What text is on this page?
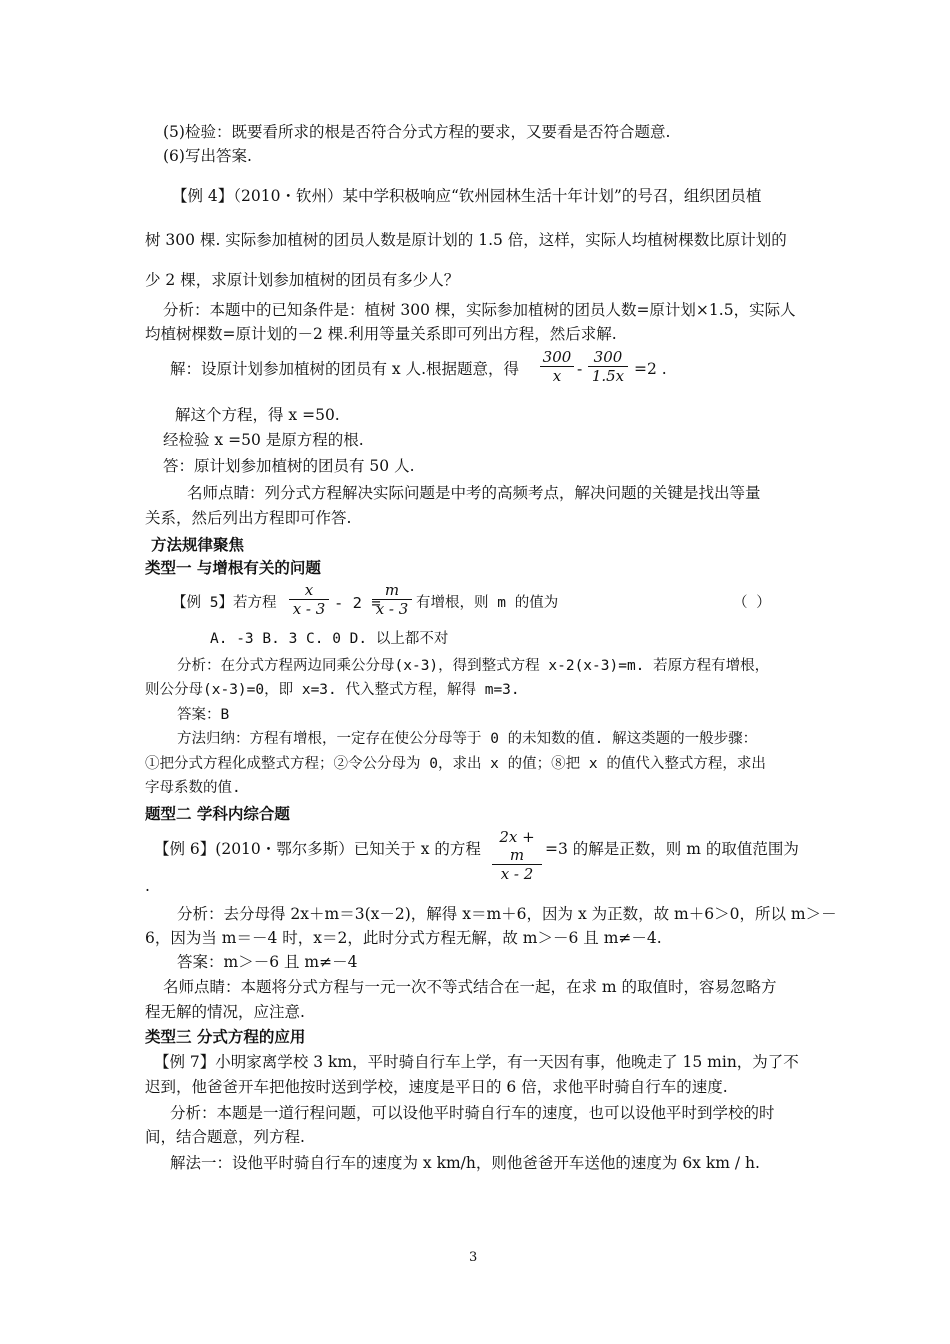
(5)检验：既要看所求的根是否符合分式方程的要求，又要看是否符合题意.
(6)写出答案.
【例 4】（2010・钦州）某中学积极响应“钦州园林生活十年计划”的号召，组织团员植
树 300 棵. 实际参加植树的团员人数是原计划的 1.5 倍，这样，实际人均植树棵数比原计划的
少 2 棵，求原计划参加植树的团员有多少人？
分析：本题中的已知条件是：植树 300 棵，实际参加植树的团员人数=原计划×1.5，实际人
均植树棵数=原计划的－2 棵.利用等量关系即可列出方程，然后求解.
解：设原计划参加植树的团员有 x 人.根据题意，得
300
x	-
300
1.5x =2 .
解这个方程，得 x =50.
经检验 x =50 是原方程的根.
答：原计划参加植树的团员有 50 人.
名师点睛：列分式方程解决实际问题是中考的高频考点，解决问题的关键是找出等量
关系，然后列出方程即可作答.
方法规律聚焦
类型一 与增根有关的问题
【例 5】若方程
x
x - 3 - 2 =
m
x - 3 有增根，则 m 的值为	（ ）
A. -3 B. 3 C. 0 D. 以上都不对
分析：在分式方程两边同乘公分母(x-3)，得到整式方程 x-2(x-3)=m. 若原方程有增根，
则公分母(x-3)=0，即 x=3. 代入整式方程，解得 m=3.
答案：B
方法归纳：方程有增根，一定存在使公分母等于 0 的未知数的值. 解这类题的一般步骤：
①把分式方程化成整式方程；②令公分母为 0，求出 x 的值；⑧把 x 的值代入整式方程，求出
字母系数的值.
题型二 学科内综合题
【例 6】(2010・鄂尔多斯）已知关于 x 的方程
2x + m
x - 2
=3 的解是正数，则 m 的取值范围为
.
分析：去分母得 2x＋m＝3(x－2)，解得 x＝m＋6，因为 x 为正数，故 m＋6＞0，所以 m＞－
6，因为当 m＝－4 时，x＝2，此时分式方程无解，故 m＞－6 且 m≠－4.
答案：m＞－6 且 m≠－4
名师点睛：本题将分式方程与一元一次不等式结合在一起，在求 m 的取值时，容易忽略方
程无解的情况，应注意.
类型三 分式方程的应用
【例 7】小明家离学校 3 km，平时骑自行车上学，有一天因有事，他晚走了 15 min，为了不
迟到，他爸爸开车把他按时送到学校，速度是平日的 6 倍，求他平时骑自行车的速度.
分析：本题是一道行程问题，可以设他平时骑自行车的速度，也可以设他平时到学校的时
间，结合题意，列方程.
解法一：设他平时骑自行车的速度为 x km/h，则他爸爸开车送他的速度为 6x km / h.
3
